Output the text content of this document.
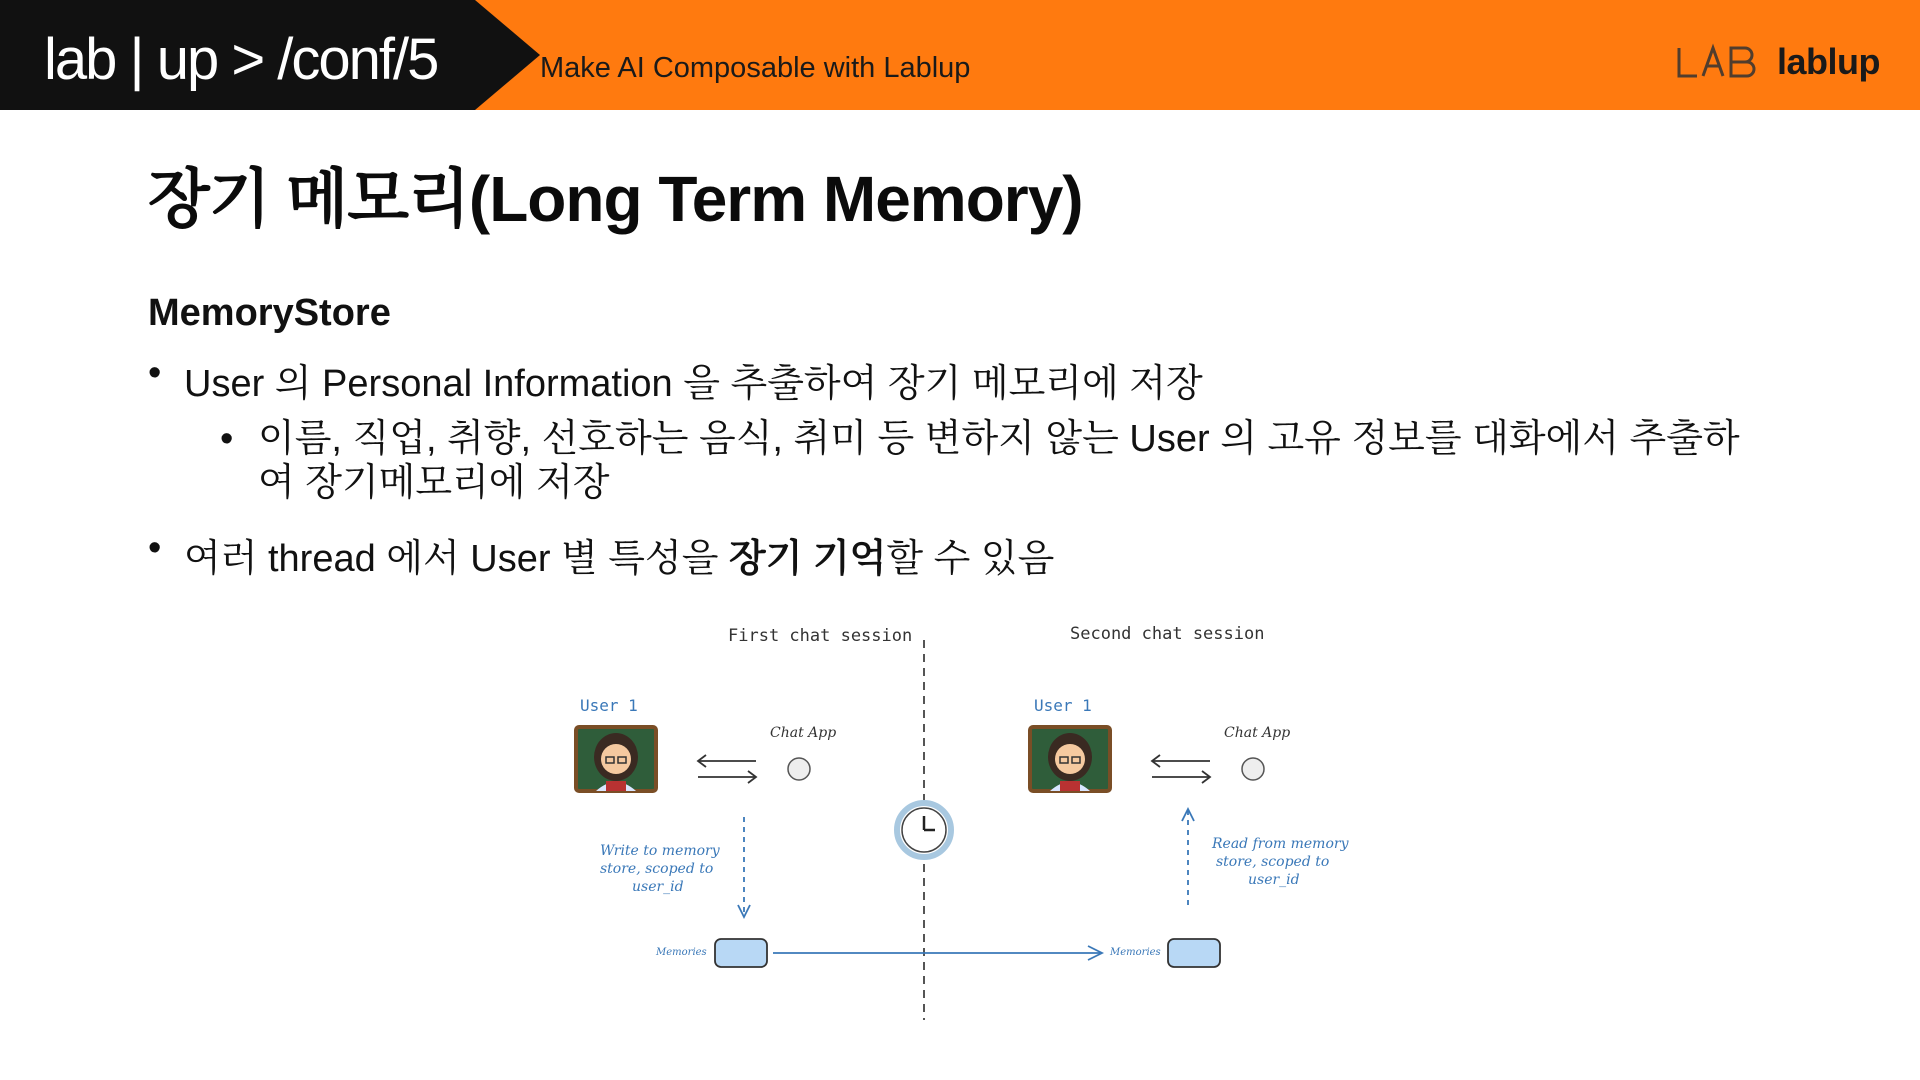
lab | up > /conf/5	Make AI Composable with Lablup	lablup
장기 메모리(Long Term Memory)
MemoryStore
• User 의 Personal Information 을 추출하여 장기 메모리에 저장
• 이름, 직업, 취향, 선호하는 음식, 취미 등 변하지 않는 User 의 고유 정보를 대화에서 추출하여 장기메모리에 저장
• 여러 thread 에서 User 별 특성을 장기 기억할 수 있음
First chat session	Second chat session
User 1	User 1
Chat App	Chat App
Write to memory
store, scoped to
user_id
Read from memory
store, scoped to
user_id
Memories	Memories
